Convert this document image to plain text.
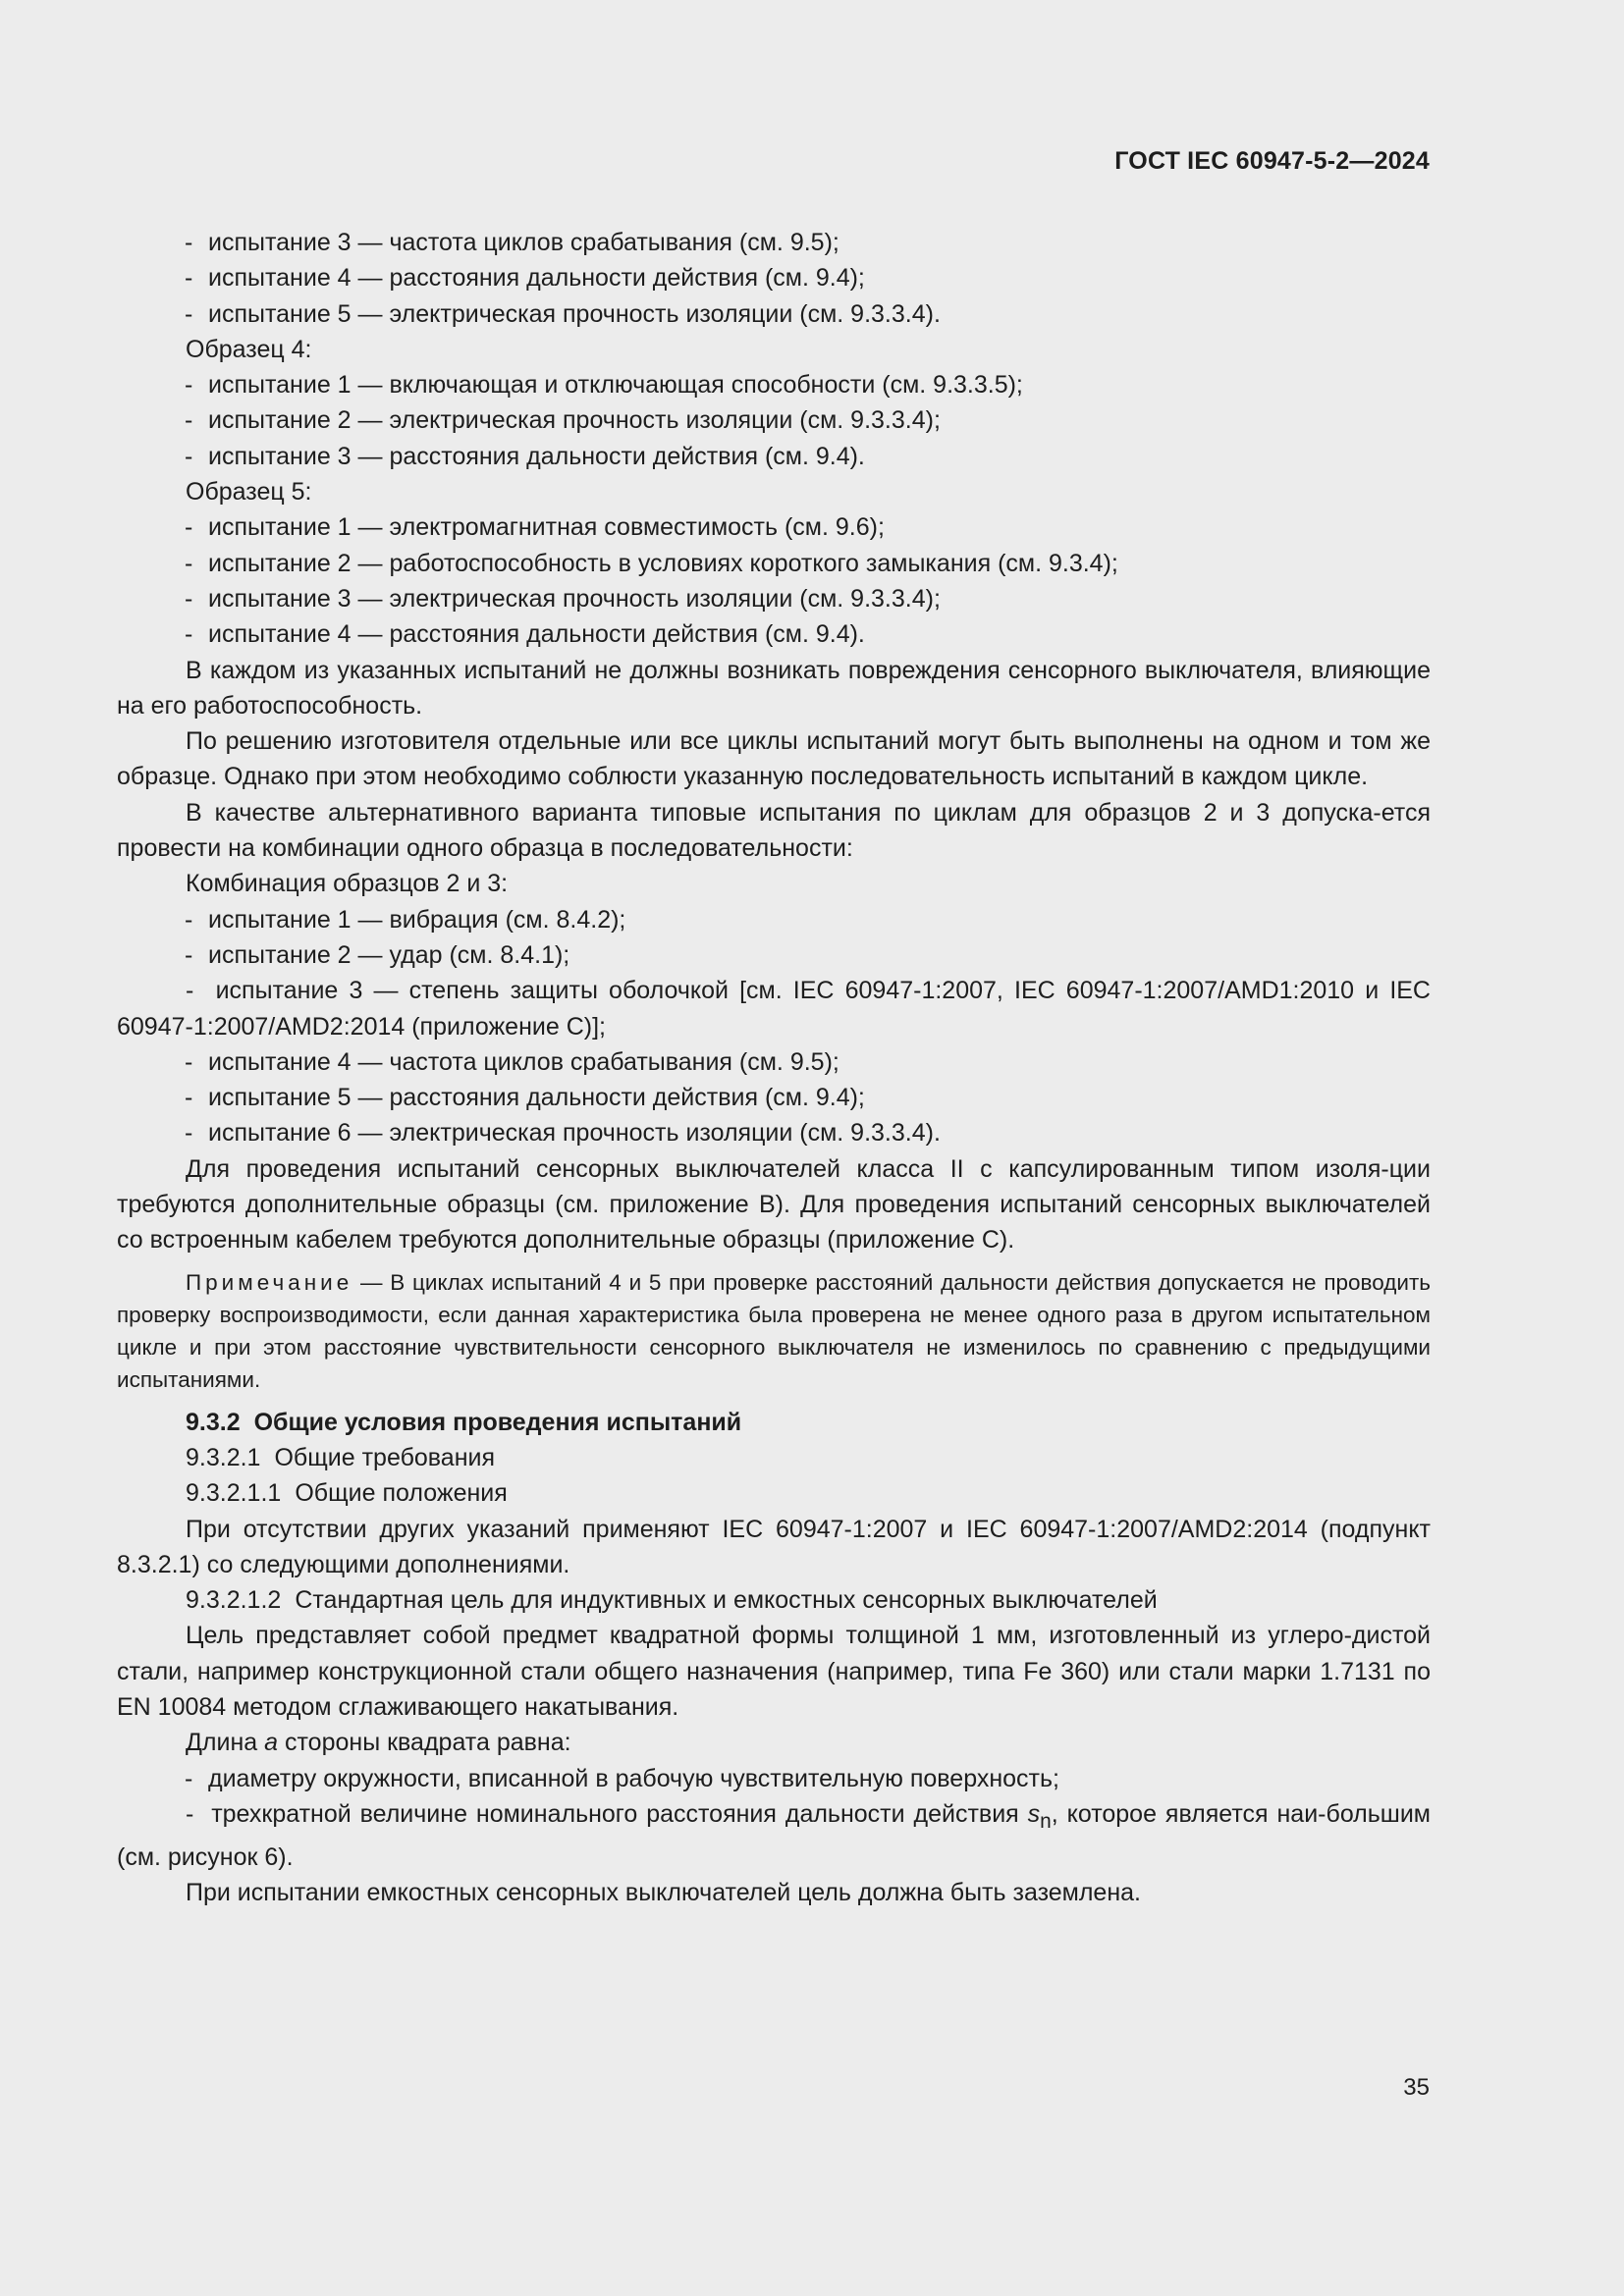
ГОСТ IEC 60947-5-2—2024

- испытание 3 — частота циклов срабатывания (см. 9.5);

- испытание 4 — расстояния дальности действия (см. 9.4);

- испытание 5 — электрическая прочность изоляции (см. 9.3.3.4).

Образец 4:

- испытание 1 — включающая и отключающая способности (см. 9.3.3.5);

- испытание 2 — электрическая прочность изоляции (см. 9.3.3.4);

- испытание 3 — расстояния дальности действия (см. 9.4).

Образец 5:

- испытание 1 — электромагнитная совместимость (см. 9.6);

- испытание 2 — работоспособность в условиях короткого замыкания (см. 9.3.4);

- испытание 3 — электрическая прочность изоляции (см. 9.3.3.4);

- испытание 4 — расстояния дальности действия (см. 9.4).

В каждом из указанных испытаний не должны возникать повреждения сенсорного выключателя, влияющие на его работоспособность.

По решению изготовителя отдельные или все циклы испытаний могут быть выполнены на одном и том же образце. Однако при этом необходимо соблюсти указанную последовательность испытаний в каждом цикле.

В качестве альтернативного варианта типовые испытания по циклам для образцов 2 и 3 допуска-ется провести на комбинации одного образца в последовательности:

Комбинация образцов 2 и 3:

- испытание 1 — вибрация (см. 8.4.2);

- испытание 2 — удар (см. 8.4.1);

-  испытание 3 — степень защиты оболочкой [см. IEC 60947-1:2007, IEC 60947-1:2007/AMD1:2010 и IEC 60947-1:2007/AMD2:2014 (приложение С)];

- испытание 4 — частота циклов срабатывания (см. 9.5);

- испытание 5 — расстояния дальности действия (см. 9.4);

- испытание 6 — электрическая прочность изоляции (см. 9.3.3.4).

Для проведения испытаний сенсорных выключателей класса II с капсулированным типом изоля-ции требуются дополнительные образцы (см. приложение В). Для проведения испытаний сенсорных выключателей со встроенным кабелем требуются дополнительные образцы (приложение С).

Примечание — В циклах испытаний 4 и 5 при проверке расстояний дальности действия допускается не проводить проверку воспроизводимости, если данная характеристика была проверена не менее одного раза в другом испытательном цикле и при этом расстояние чувствительности сенсорного выключателя не изменилось по сравнению с предыдущими испытаниями.

9.3.2 Общие условия проведения испытаний

9.3.2.1 Общие требования

9.3.2.1.1 Общие положения

При отсутствии других указаний применяют IEC 60947-1:2007 и IEC 60947-1:2007/AMD2:2014 (подпункт 8.3.2.1) со следующими дополнениями.

9.3.2.1.2 Стандартная цель для индуктивных и емкостных сенсорных выключателей

Цель представляет собой предмет квадратной формы толщиной 1 мм, изготовленный из углеро-дистой стали, например конструкционной стали общего назначения (например, типа Fe 360) или стали марки 1.7131 по EN 10084 методом сглаживающего накатывания.

Длина a стороны квадрата равна:

- диаметру окружности, вписанной в рабочую чувствительную поверхность;

-  трехкратной величине номинального расстояния дальности действия $s_n$, которое является наи-большим (см. рисунок 6).

При испытании емкостных сенсорных выключателей цель должна быть заземлена.

35
